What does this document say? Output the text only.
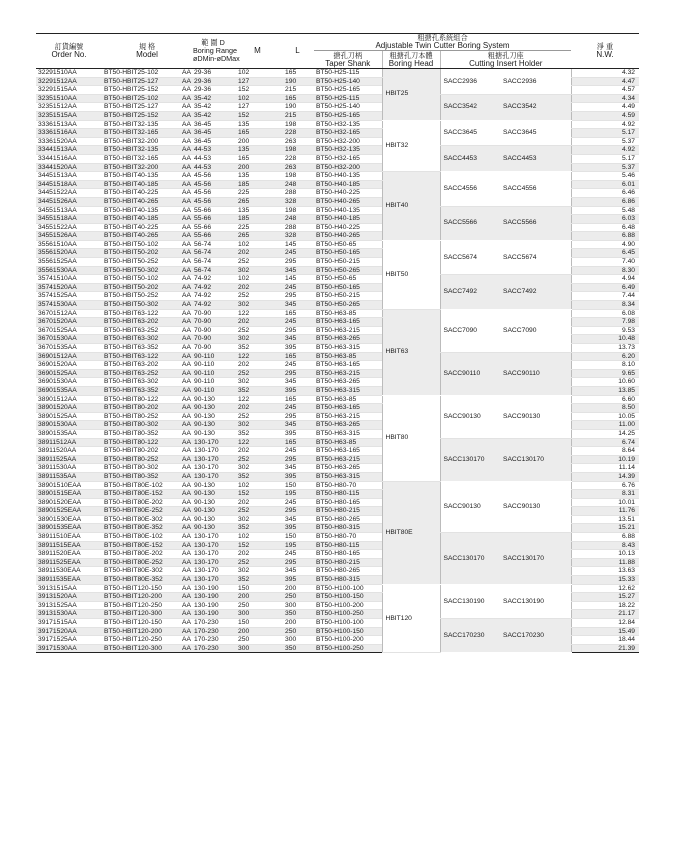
訂貨編號
Order No.	規 格
Model		範 圍 D
Boring Range
øDMin-øDMax	M	L	粗搪孔系統組合
Adjustable Twin Cutter Boring System				淨 重
N.W.
						搪孔刀柄
Taper Shank	粗搪孔刀本體
Boring Head	粗搪孔刀座
Cutting Insert Holder		
32291510AA	BT50-HBIT25-102	AA	29-36	102	165	BT50-H25-115	HBIT25	SACC2936	SACC2936	4.32
32291512AA	BT50-HBIT25-127	AA	29-36	127	190	BT50-H25-140				4.47
32291515AA	BT50-HBIT25-152	AA	29-36	152	215	BT50-H25-165				4.57
32351510AA	BT50-HBIT25-102	AA	35-42	102	165	BT50-H25-115		SACC3542	SACC3542	4.34
32351512AA	BT50-HBIT25-127	AA	35-42	127	190	BT50-H25-140				4.49
32351515AA	BT50-HBIT25-152	AA	35-42	152	215	BT50-H25-165				4.59
33361513AA	BT50-HBIT32-135	AA	36-45	135	198	BT50-H32-135	HBIT32	SACC3645	SACC3645	4.92
33361516AA	BT50-HBIT32-165	AA	36-45	165	228	BT50-H32-165				5.17
33361520AA	BT50-HBIT32-200	AA	36-45	200	263	BT50-H32-200				5.37
33441513AA	BT50-HBIT32-135	AA	44-53	135	198	BT50-H32-135		SACC4453	SACC4453	4.92
33441516AA	BT50-HBIT32-165	AA	44-53	165	228	BT50-H32-165				5.17
33441520AA	BT50-HBIT32-200	AA	44-53	200	263	BT50-H32-200				5.37
34451513AA	BT50-HBIT40-135	AA	45-56	135	198	BT50-H40-135	HBIT40	SACC4556	SACC4556	5.46
34451518AA	BT50-HBIT40-185	AA	45-56	185	248	BT50-H40-185				6.01
34451522AA	BT50-HBIT40-225	AA	45-56	225	288	BT50-H40-225				6.46
34451526AA	BT50-HBIT40-265	AA	45-56	265	328	BT50-H40-265				6.86
34551513AA	BT50-HBIT40-135	AA	55-66	135	198	BT50-H40-135		SACC5566	SACC5566	5.48
34551518AA	BT50-HBIT40-185	AA	55-66	185	248	BT50-H40-185				6.03
34551522AA	BT50-HBIT40-225	AA	55-66	225	288	BT50-H40-225				6.48
34551526AA	BT50-HBIT40-265	AA	55-66	265	328	BT50-H40-265				6.88
35561510AA	BT50-HBIT50-102	AA	56-74	102	145	BT50-H50-65	HBIT50	SACC5674	SACC5674	4.90
35561520AA	BT50-HBIT50-202	AA	56-74	202	245	BT50-H50-165				6.45
35561525AA	BT50-HBIT50-252	AA	56-74	252	295	BT50-H50-215				7.40
35561530AA	BT50-HBIT50-302	AA	56-74	302	345	BT50-H50-265				8.30
35741510AA	BT50-HBIT50-102	AA	74-92	102	145	BT50-H50-65		SACC7492	SACC7492	4.94
35741520AA	BT50-HBIT50-202	AA	74-92	202	245	BT50-H50-165				6.49
35741525AA	BT50-HBIT50-252	AA	74-92	252	295	BT50-H50-215				7.44
35741530AA	BT50-HBIT50-302	AA	74-92	302	345	BT50-H50-265				8.34
36701512AA	BT50-HBIT63-122	AA	70-90	122	165	BT50-H63-85	HBIT63	SACC7090	SACC7090	6.08
36701520AA	BT50-HBIT63-202	AA	70-90	202	245	BT50-H63-165				7.98
36701525AA	BT50-HBIT63-252	AA	70-90	252	295	BT50-H63-215				9.53
36701530AA	BT50-HBIT63-302	AA	70-90	302	345	BT50-H63-265				10.48
36701535AA	BT50-HBIT63-352	AA	70-90	352	395	BT50-H63-315				13.73
36901512AA	BT50-HBIT63-122	AA	90-110	122	165	BT50-H63-85		SACC90110	SACC90110	6.20
36901520AA	BT50-HBIT63-202	AA	90-110	202	245	BT50-H63-165				8.10
36901525AA	BT50-HBIT63-252	AA	90-110	252	295	BT50-H63-215				9.65
36901530AA	BT50-HBIT63-302	AA	90-110	302	345	BT50-H63-265				10.60
36901535AA	BT50-HBIT63-352	AA	90-110	352	395	BT50-H63-315				13.85
38901512AA	BT50-HBIT80-122	AA	90-130	122	165	BT50-H63-85	HBIT80	SACC90130	SACC90130	6.60
38901520AA	BT50-HBIT80-202	AA	90-130	202	245	BT50-H63-165				8.50
38901525AA	BT50-HBIT80-252	AA	90-130	252	295	BT50-H63-215				10.05
38901530AA	BT50-HBIT80-302	AA	90-130	302	345	BT50-H63-265				11.00
38901535AA	BT50-HBIT80-352	AA	90-130	352	395	BT50-H63-315				14.25
38911512AA	BT50-HBIT80-122	AA	130-170	122	165	BT50-H63-85		SACC130170	SACC130170	6.74
38911520AA	BT50-HBIT80-202	AA	130-170	202	245	BT50-H63-165				8.64
38911525AA	BT50-HBIT80-252	AA	130-170	252	295	BT50-H63-215				10.19
38911530AA	BT50-HBIT80-302	AA	130-170	302	345	BT50-H63-265				11.14
38911535AA	BT50-HBIT80-352	AA	130-170	352	395	BT50-H63-315				14.39
38901510EAA	BT50-HBIT80E-102	AA	90-130	102	150	BT50-H80-70	HBIT80E	SACC90130	SACC90130	6.76
38901515EAA	BT50-HBIT80E-152	AA	90-130	152	195	BT50-H80-115				8.31
38901520EAA	BT50-HBIT80E-202	AA	90-130	202	245	BT50-H80-165				10.01
38901525EAA	BT50-HBIT80E-252	AA	90-130	252	295	BT50-H80-215				11.76
38901530EAA	BT50-HBIT80E-302	AA	90-130	302	345	BT50-H80-265				13.51
38901535EAA	BT50-HBIT80E-352	AA	90-130	352	395	BT50-H80-315				15.21
38911510EAA	BT50-HBIT80E-102	AA	130-170	102	150	BT50-H80-70		SACC130170	SACC130170	6.88
38911515EAA	BT50-HBIT80E-152	AA	130-170	152	195	BT50-H80-115				8.43
38911520EAA	BT50-HBIT80E-202	AA	130-170	202	245	BT50-H80-165				10.13
38911525EAA	BT50-HBIT80E-252	AA	130-170	252	295	BT50-H80-215				11.88
38911530EAA	BT50-HBIT80E-302	AA	130-170	302	345	BT50-H80-265				13.63
38911535EAA	BT50-HBIT80E-352	AA	130-170	352	395	BT50-H80-315				15.33
39131515AA	BT50-HBIT120-150	AA	130-190	150	200	BT50-H100-100	HBIT120	SACC130190	SACC130190	12.62
39131520AA	BT50-HBIT120-200	AA	130-190	200	250	BT50-H100-150				15.27
39131525AA	BT50-HBIT120-250	AA	130-190	250	300	BT50-H100-200				18.22
39131530AA	BT50-HBIT120-300	AA	130-190	300	350	BT50-H100-250				21.17
39171515AA	BT50-HBIT120-150	AA	170-230	150	200	BT50-H100-100		SACC170230	SACC170230	12.84
39171520AA	BT50-HBIT120-200	AA	170-230	200	250	BT50-H100-150				15.49
39171525AA	BT50-HBIT120-250	AA	170-230	250	300	BT50-H100-200				18.44
39171530AA	BT50-HBIT120-300	AA	170-230	300	350	BT50-H100-250				21.39
